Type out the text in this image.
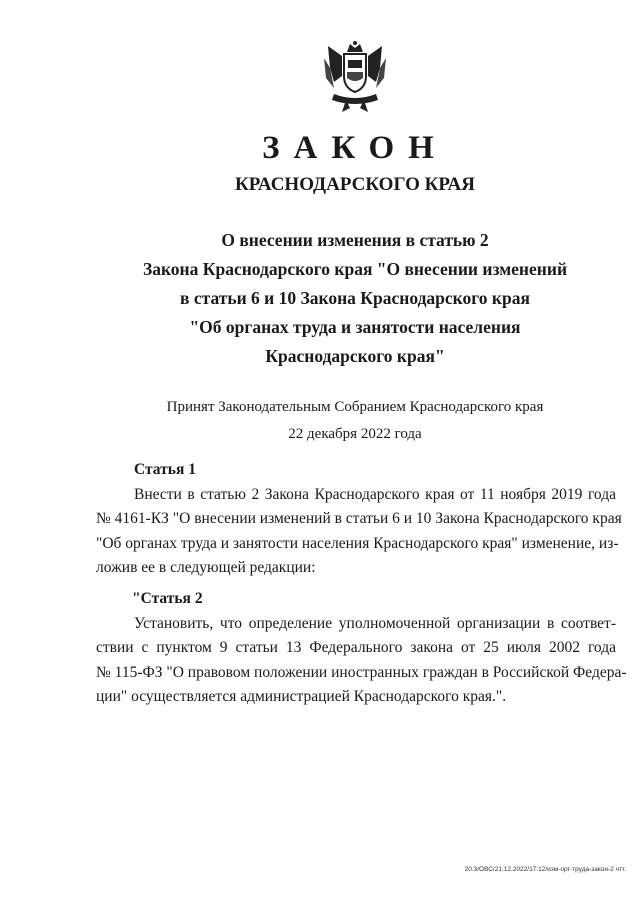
ЗАКОН
КРАСНОДАРСКОГО КРАЯ
О внесении изменения в статью 2
Закона Краснодарского края "О внесении изменений
в статьи 6 и 10 Закона Краснодарского края
"Об органах труда и занятости населения
Краснодарского края"
Принят Законодательным Собранием Краснодарского края
22 декабря 2022 года
Статья 1
Внести в статью 2 Закона Краснодарского края от 11 ноября 2019 года
№ 4161-КЗ "О внесении изменений в статьи 6 и 10 Закона Краснодарского края
"Об органах труда и занятости населения Краснодарского края" изменение, из-
ложив ее в следующей редакции:
"Статья 2
Установить, что определение уполномоченной организации в соответ-
ствии с пунктом 9 статьи 13 Федерального закона от 25 июля 2002 года
№ 115-ФЗ "О правовом положении иностранных граждан в Российской Федера-
ции" осуществляется администрацией Краснодарского края.".
20.3/ОВС/21.12.2022/17:12/изм-орг-труда-закон-2 чтт.
